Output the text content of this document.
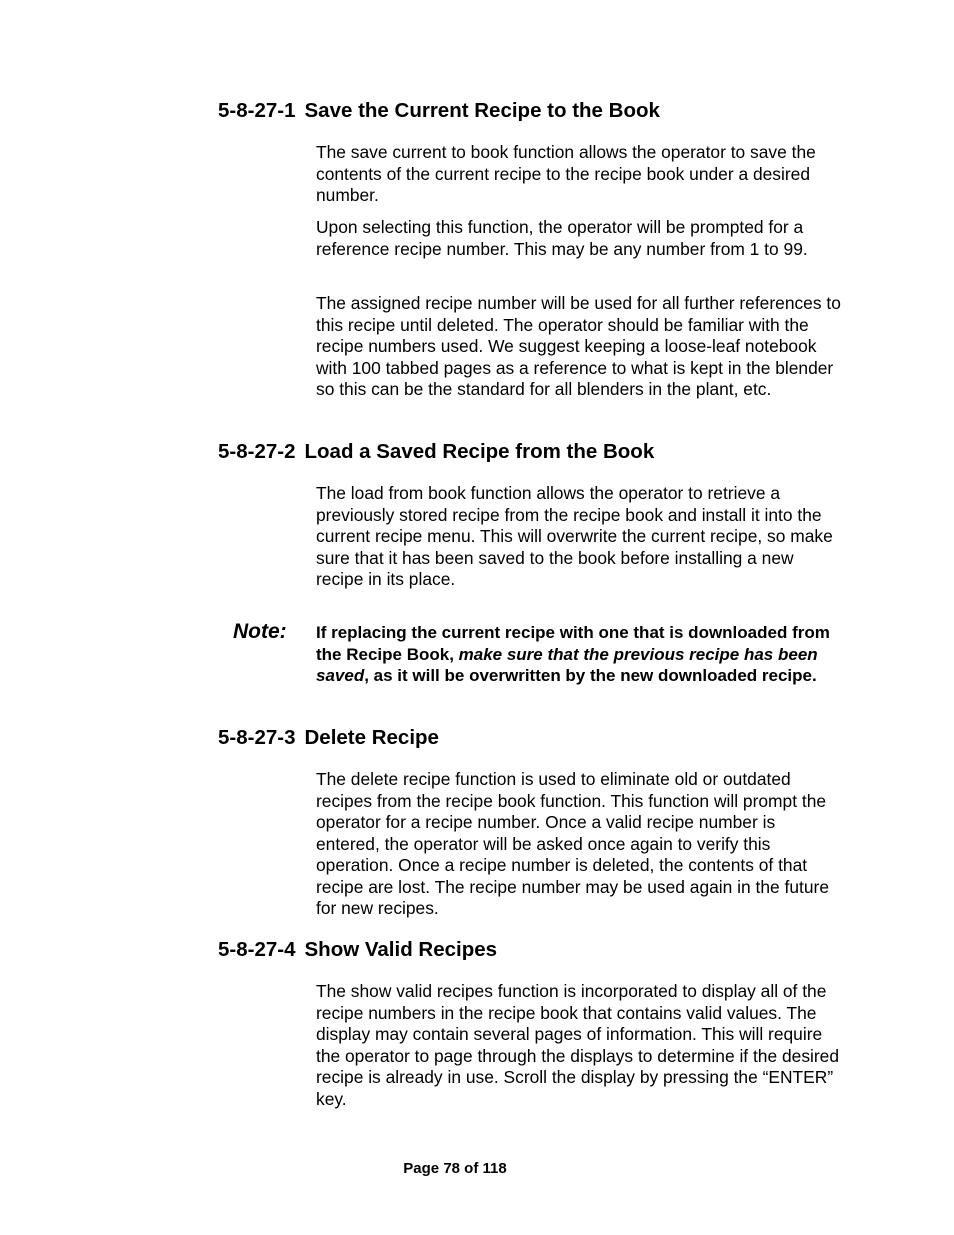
5-8-27-1 Save the Current Recipe to the Book

The save current to book function allows the operator to save the contents of the current recipe to the recipe book under a desired number.

Upon selecting this function, the operator will be prompted for a reference recipe number. This may be any number from 1 to 99.

The assigned recipe number will be used for all further references to this recipe until deleted. The operator should be familiar with the recipe numbers used. We suggest keeping a loose-leaf notebook with 100 tabbed pages as a reference to what is kept in the blender so this can be the standard for all blenders in the plant, etc.

5-8-27-2 Load a Saved Recipe from the Book

The load from book function allows the operator to retrieve a previously stored recipe from the recipe book and install it into the current recipe menu. This will overwrite the current recipe, so make sure that it has been saved to the book before installing a new recipe in its place.

Note: If replacing the current recipe with one that is downloaded from the Recipe Book, make sure that the previous recipe has been saved, as it will be overwritten by the new downloaded recipe.

5-8-27-3 Delete Recipe

The delete recipe function is used to eliminate old or outdated recipes from the recipe book function. This function will prompt the operator for a recipe number. Once a valid recipe number is entered, the operator will be asked once again to verify this operation. Once a recipe number is deleted, the contents of that recipe are lost. The recipe number may be used again in the future for new recipes.

5-8-27-4 Show Valid Recipes

The show valid recipes function is incorporated to display all of the recipe numbers in the recipe book that contains valid values. The display may contain several pages of information. This will require the operator to page through the displays to determine if the desired recipe is already in use. Scroll the display by pressing the “ENTER” key.

Page 78 of 118
